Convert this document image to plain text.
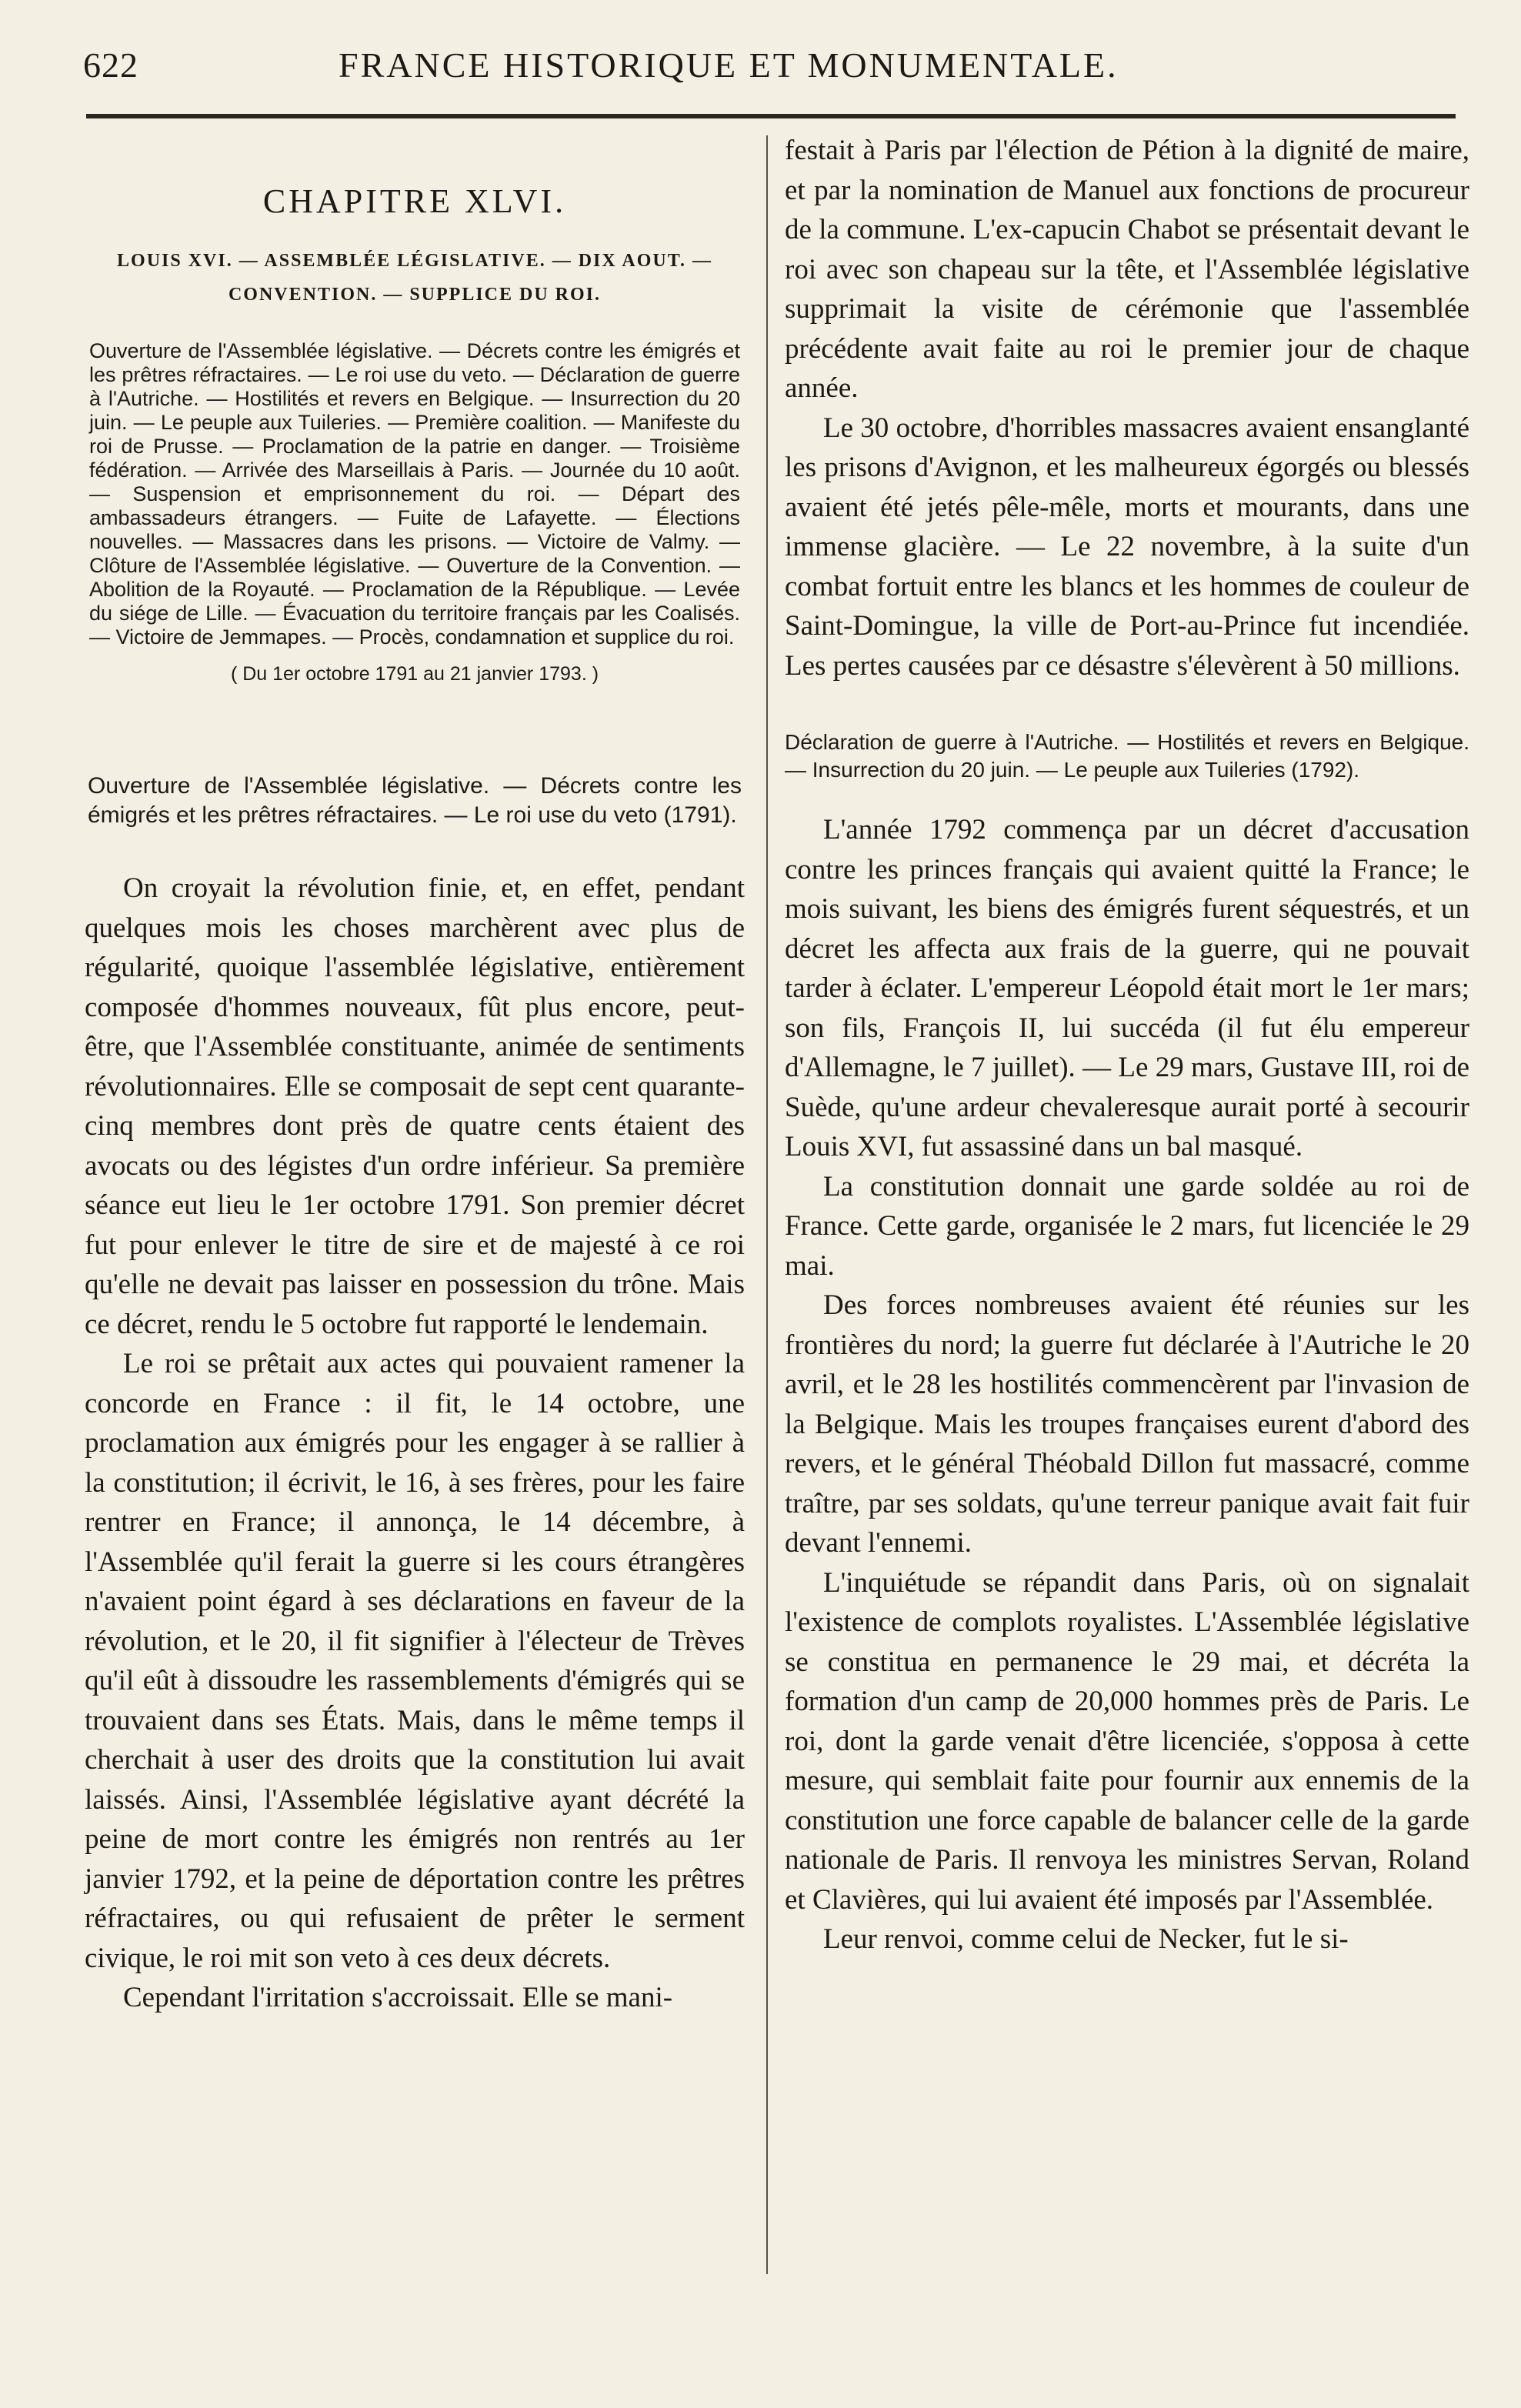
622	FRANCE HISTORIQUE ET MONUMENTALE.
CHAPITRE XLVI.
LOUIS XVI. — ASSEMBLÉE LÉGISLATIVE. — DIX AOUT. — CONVENTION. — SUPPLICE DU ROI.
Ouverture de l'Assemblée législative. — Décrets contre les émigrés et les prêtres réfractaires. — Le roi use du veto. — Déclaration de guerre à l'Autriche. — Hostilités et revers en Belgique. — Insurrection du 20 juin. — Le peuple aux Tuileries. — Première coalition. — Manifeste du roi de Prusse. — Proclamation de la patrie en danger. — Troisième fédération. — Arrivée des Marseillais à Paris. — Journée du 10 août. — Suspension et emprisonnement du roi. — Départ des ambassadeurs étrangers. — Fuite de Lafayette. — Élections nouvelles. — Massacres dans les prisons. — Victoire de Valmy. — Clôture de l'Assemblée législative. — Ouverture de la Convention. — Abolition de la Royauté. — Proclamation de la République. — Levée du siége de Lille. — Évacuation du territoire français par les Coalisés. — Victoire de Jemmapes. — Procès, condamnation et supplice du roi.
( Du 1er octobre 1791 au 21 janvier 1793. )
Ouverture de l'Assemblée législative. — Décrets contre les émigrés et les prêtres réfractaires. — Le roi use du veto (1791).

On croyait la révolution finie, et, en effet, pendant quelques mois les choses marchèrent avec plus de régularité, quoique l'assemblée législative, entièrement composée d'hommes nouveaux, fût plus encore, peut-être, que l'Assemblée constituante, animée de sentiments révolutionnaires. Elle se composait de sept cent quarante-cinq membres dont près de quatre cents étaient des avocats ou des légistes d'un ordre inférieur. Sa première séance eut lieu le 1er octobre 1791. Son premier décret fut pour enlever le titre de sire et de majesté à ce roi qu'elle ne devait pas laisser en possession du trône. Mais ce décret, rendu le 5 octobre fut rapporté le lendemain.

Le roi se prêtait aux actes qui pouvaient ramener la concorde en France : il fit, le 14 octobre, une proclamation aux émigrés pour les engager à se rallier à la constitution; il écrivit, le 16, à ses frères, pour les faire rentrer en France; il annonça, le 14 décembre, à l'Assemblée qu'il ferait la guerre si les cours étrangères n'avaient point égard à ses déclarations en faveur de la révolution, et le 20, il fit signifier à l'électeur de Trèves qu'il eût à dissoudre les rassemblements d'émigrés qui se trouvaient dans ses États. Mais, dans le même temps il cherchait à user des droits que la constitution lui avait laissés. Ainsi, l'Assemblée législative ayant décrété la peine de mort contre les émigrés non rentrés au 1er janvier 1792, et la peine de déportation contre les prêtres réfractaires, ou qui refusaient de prêter le serment civique, le roi mit son veto à ces deux décrets.

Cependant l'irritation s'accroissait. Elle se mani-

festait à Paris par l'élection de Pétion à la dignité de maire, et par la nomination de Manuel aux fonctions de procureur de la commune. L'ex-capucin Chabot se présentait devant le roi avec son chapeau sur la tête, et l'Assemblée législative supprimait la visite de cérémonie que l'assemblée précédente avait faite au roi le premier jour de chaque année.

Le 30 octobre, d'horribles massacres avaient ensanglanté les prisons d'Avignon, et les malheureux égorgés ou blessés avaient été jetés pêle-mêle, morts et mourants, dans une immense glacière. — Le 22 novembre, à la suite d'un combat fortuit entre les blancs et les hommes de couleur de Saint-Domingue, la ville de Port-au-Prince fut incendiée. Les pertes causées par ce désastre s'élevèrent à 50 millions.

Déclaration de guerre à l'Autriche. — Hostilités et revers en Belgique. — Insurrection du 20 juin. — Le peuple aux Tuileries (1792).

L'année 1792 commença par un décret d'accusation contre les princes français qui avaient quitté la France; le mois suivant, les biens des émigrés furent séquestrés, et un décret les affecta aux frais de la guerre, qui ne pouvait tarder à éclater. L'empereur Léopold était mort le 1er mars; son fils, François II, lui succéda (il fut élu empereur d'Allemagne, le 7 juillet). — Le 29 mars, Gustave III, roi de Suède, qu'une ardeur chevaleresque aurait porté à secourir Louis XVI, fut assassiné dans un bal masqué.

La constitution donnait une garde soldée au roi de France. Cette garde, organisée le 2 mars, fut licenciée le 29 mai.

Des forces nombreuses avaient été réunies sur les frontières du nord; la guerre fut déclarée à l'Autriche le 20 avril, et le 28 les hostilités commencèrent par l'invasion de la Belgique. Mais les troupes françaises eurent d'abord des revers, et le général Théobald Dillon fut massacré, comme traître, par ses soldats, qu'une terreur panique avait fait fuir devant l'ennemi.

L'inquiétude se répandit dans Paris, où on signalait l'existence de complots royalistes. L'Assemblée législative se constitua en permanence le 29 mai, et décréta la formation d'un camp de 20,000 hommes près de Paris. Le roi, dont la garde venait d'être licenciée, s'opposa à cette mesure, qui semblait faite pour fournir aux ennemis de la constitution une force capable de balancer celle de la garde nationale de Paris. Il renvoya les ministres Servan, Roland et Clavières, qui lui avaient été imposés par l'Assemblée.

Leur renvoi, comme celui de Necker, fut le si-
